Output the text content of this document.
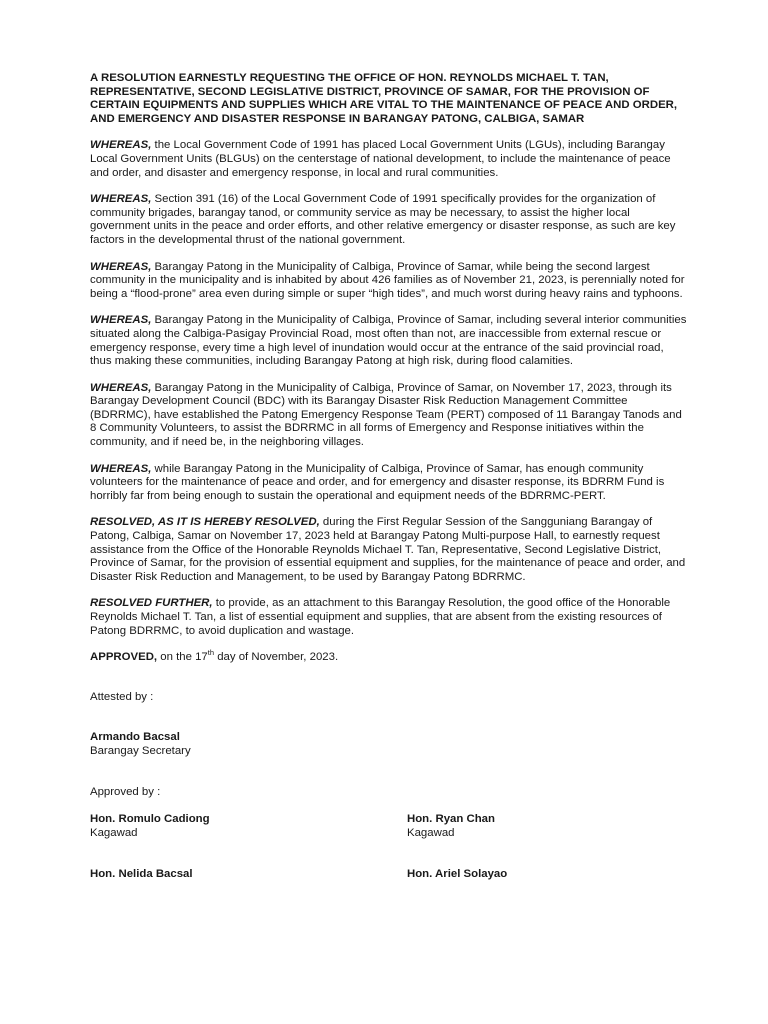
A RESOLUTION EARNESTLY REQUESTING THE OFFICE OF HON. REYNOLDS MICHAEL T. TAN, REPRESENTATIVE, SECOND LEGISLATIVE DISTRICT, PROVINCE OF SAMAR, FOR THE PROVISION OF CERTAIN EQUIPMENTS AND SUPPLIES WHICH ARE VITAL TO THE MAINTENANCE OF PEACE AND ORDER, AND EMERGENCY AND DISASTER RESPONSE IN BARANGAY PATONG, CALBIGA, SAMAR
WHEREAS, the Local Government Code of 1991 has placed Local Government Units (LGUs), including Barangay Local Government Units (BLGUs) on the centerstage of national development, to include the maintenance of peace and order, and disaster and emergency response, in local and rural communities.
WHEREAS, Section 391 (16) of the Local Government Code of 1991 specifically provides for the organization of community brigades, barangay tanod, or community service as may be necessary, to assist the higher local government units in the peace and order efforts, and other relative emergency or disaster response, as such are key factors in the developmental thrust of the national government.
WHEREAS, Barangay Patong in the Municipality of Calbiga, Province of Samar, while being the second largest community in the municipality and is inhabited by about 426 families as of November 21, 2023, is perennially noted for being a “flood-prone” area even during simple or super “high tides”, and much worst during heavy rains and typhoons.
WHEREAS, Barangay Patong in the Municipality of Calbiga, Province of Samar, including several interior communities situated along the Calbiga-Pasigay Provincial Road, most often than not, are inaccessible from external rescue or emergency response, every time a high level of inundation would occur at the entrance of the said provincial road, thus making these communities, including Barangay Patong at high risk, during flood calamities.
WHEREAS, Barangay Patong in the Municipality of Calbiga, Province of Samar, on November 17, 2023, through its Barangay Development Council (BDC) with its Barangay Disaster Risk Reduction Management Committee (BDRRMC), have established the Patong Emergency Response Team (PERT) composed of 11 Barangay Tanods and 8 Community Volunteers, to assist the BDRRMC in all forms of Emergency and Response initiatives within the community, and if need be, in the neighboring villages.
WHEREAS, while Barangay Patong in the Municipality of Calbiga, Province of Samar, has enough community volunteers for the maintenance of peace and order, and for emergency and disaster response, its BDRRM Fund is horribly far from being enough to sustain the operational and equipment needs of the BDRRMC-PERT.
RESOLVED, AS IT IS HEREBY RESOLVED, during the First Regular Session of the Sangguniang Barangay of Patong, Calbiga, Samar on November 17, 2023 held at Barangay Patong Multi-purpose Hall, to earnestly request assistance from the Office of the Honorable Reynolds Michael T. Tan, Representative, Second Legislative District, Province of Samar, for the provision of essential equipment and supplies, for the maintenance of peace and order, and Disaster Risk Reduction and Management, to be used by Barangay Patong BDRRMC.
RESOLVED FURTHER, to provide, as an attachment to this Barangay Resolution, the good office of the Honorable Reynolds Michael T. Tan, a list of essential equipment and supplies, that are absent from the existing resources of Patong BDRRMC, to avoid duplication and wastage.
APPROVED, on the 17th day of November, 2023.
Attested by :
Armando Bacsal
Barangay Secretary
Approved by :
Hon. Romulo Cadiong
Kagawad
Hon. Ryan Chan
Kagawad
Hon. Nelida Bacsal	Hon. Ariel Solayao
